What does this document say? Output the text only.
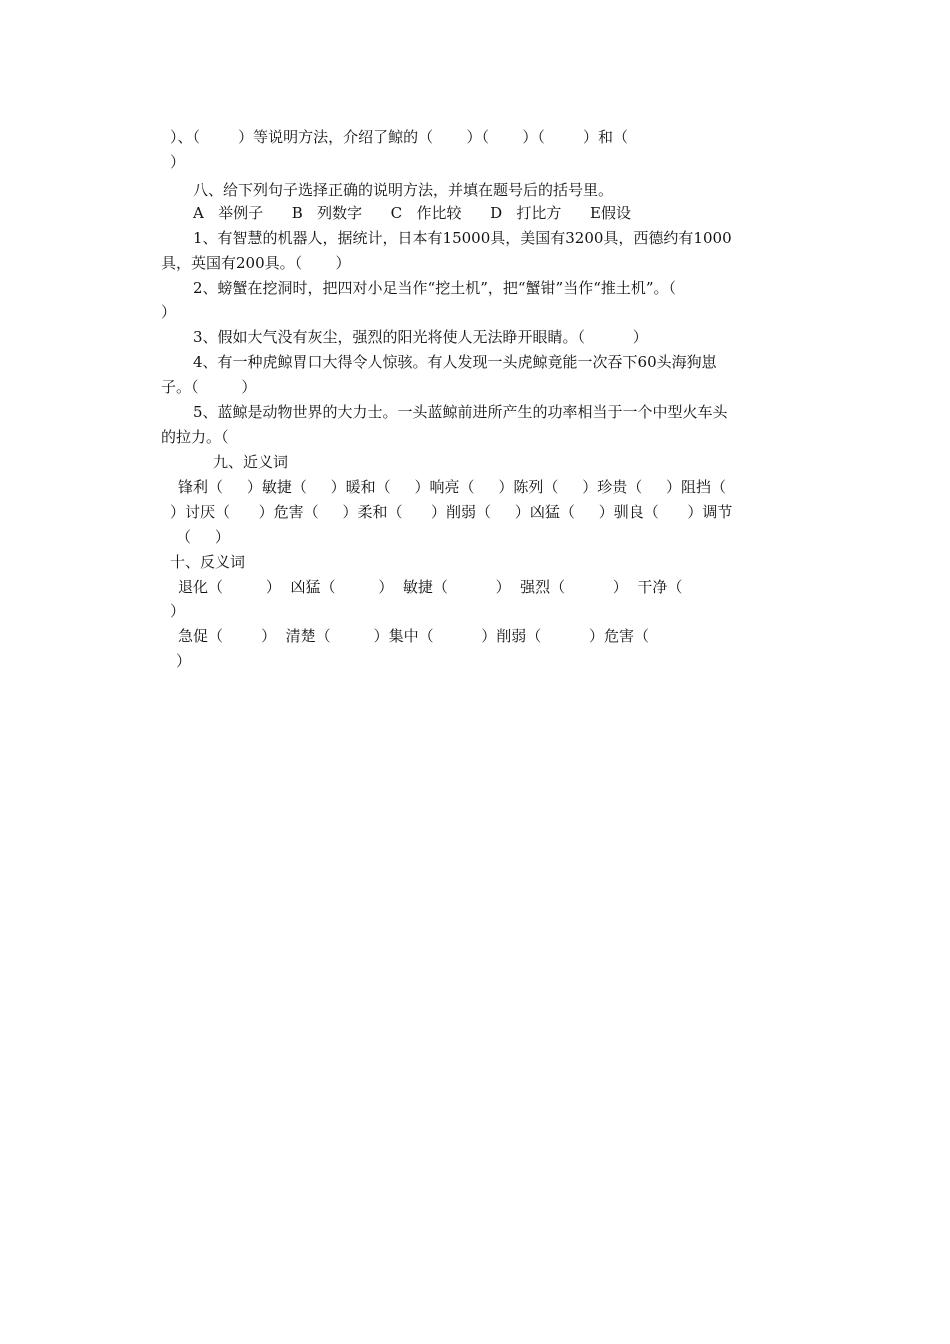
）、（        ）等说明方法，介绍了鲸的（       ）（       ）（        ）和（

）

八、给下列句子选择正确的说明方法，并填在题号后的括号里。

A   举例子      B   列数字      C   作比较      D   打比方      E假设

1、有智慧的机器人，据统计，日本有15000具，美国有3200具，西德约有1000

具，英国有200具。（       ）

2、螃蟹在挖洞时，把四对小足当作“挖土机”，把“蟹钳”当作“推土机”。（

）

3、假如大气没有灰尘，强烈的阳光将使人无法睁开眼睛。（          ）

4、有一种虎鲸胃口大得令人惊骇。有人发现一头虎鲸竟能一次吞下60头海狗崽

子。（         ）

5、蓝鲸是动物世界的大力士。一头蓝鲸前进所产生的功率相当于一个中型火车头

的拉力。（

九、近义词

锋利（     ）敏捷（     ）暖和（     ）响亮（     ）陈列（     ）珍贵（     ）阻挡（

）讨厌（      ）危害（     ）柔和（      ）削弱（     ）凶猛（     ）驯良（      ）调节

（     ）

十、反义词

退化（         ）  凶猛（         ）  敏捷（          ）  强烈（          ）  干净（

）

急促（        ）  清楚（         ）集中（          ）削弱（          ）危害（

）
